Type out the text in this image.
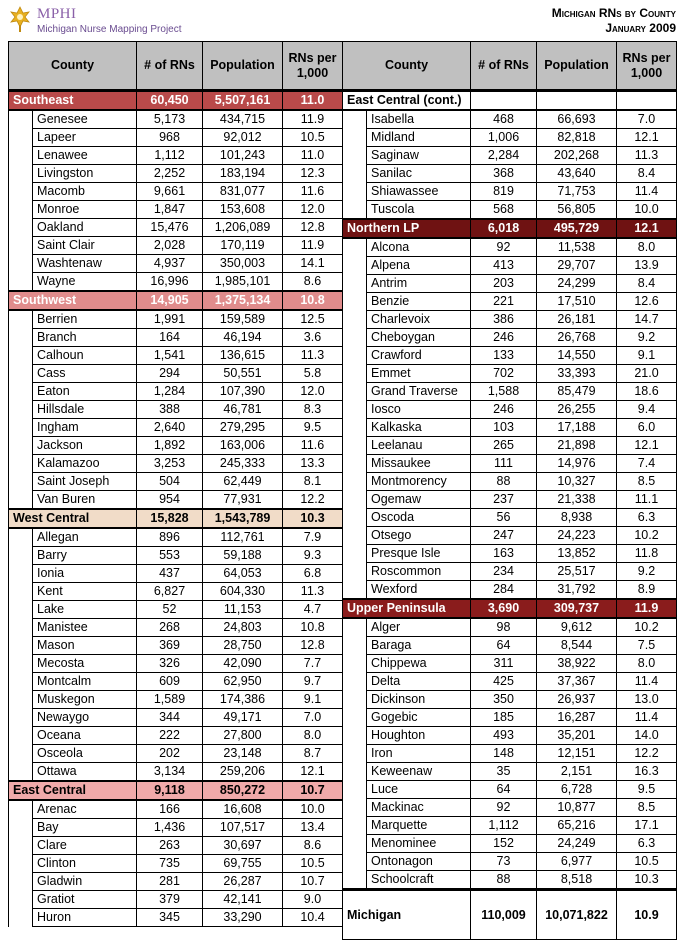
MPHI
Michigan Nurse Mapping Project
Michigan RNs by County
January 2009
County		# of RNs	Population	RNs per 1,000
Southeast		60,450	5,507,161	11.0
	Genesee	5,173	434,715	11.9
	Lapeer	968	92,012	10.5
	Lenawee	1,112	101,243	11.0
	Livingston	2,252	183,194	12.3
	Macomb	9,661	831,077	11.6
	Monroe	1,847	153,608	12.0
	Oakland	15,476	1,206,089	12.8
	Saint Clair	2,028	170,119	11.9
	Washtenaw	4,937	350,003	14.1
	Wayne	16,996	1,985,101	8.6
Southwest		14,905	1,375,134	10.8
	Berrien	1,991	159,589	12.5
	Branch	164	46,194	3.6
	Calhoun	1,541	136,615	11.3
	Cass	294	50,551	5.8
	Eaton	1,284	107,390	12.0
	Hillsdale	388	46,781	8.3
	Ingham	2,640	279,295	9.5
	Jackson	1,892	163,006	11.6
	Kalamazoo	3,253	245,333	13.3
	Saint Joseph	504	62,449	8.1
	Van Buren	954	77,931	12.2
West Central		15,828	1,543,789	10.3
	Allegan	896	112,761	7.9
	Barry	553	59,188	9.3
	Ionia	437	64,053	6.8
	Kent	6,827	604,330	11.3
	Lake	52	11,153	4.7
	Manistee	268	24,803	10.8
	Mason	369	28,750	12.8
	Mecosta	326	42,090	7.7
	Montcalm	609	62,950	9.7
	Muskegon	1,589	174,386	9.1
	Newaygo	344	49,171	7.0
	Oceana	222	27,800	8.0
	Osceola	202	23,148	8.7
	Ottawa	3,134	259,206	12.1
East Central		9,118	850,272	10.7
	Arenac	166	16,608	10.0
	Bay	1,436	107,517	13.4
	Clare	263	30,697	8.6
	Clinton	735	69,755	10.5
	Gladwin	281	26,287	10.7
	Gratiot	379	42,141	9.0
	Huron	345	33,290	10.4
County		# of RNs	Population	RNs per 1,000
East Central (cont.)				
	Isabella	468	66,693	7.0
	Midland	1,006	82,818	12.1
	Saginaw	2,284	202,268	11.3
	Sanilac	368	43,640	8.4
	Shiawassee	819	71,753	11.4
	Tuscola	568	56,805	10.0
Northern LP		6,018	495,729	12.1
	Alcona	92	11,538	8.0
	Alpena	413	29,707	13.9
	Antrim	203	24,299	8.4
	Benzie	221	17,510	12.6
	Charlevoix	386	26,181	14.7
	Cheboygan	246	26,768	9.2
	Crawford	133	14,550	9.1
	Emmet	702	33,393	21.0
	Grand Traverse	1,588	85,479	18.6
	Iosco	246	26,255	9.4
	Kalkaska	103	17,188	6.0
	Leelanau	265	21,898	12.1
	Missaukee	111	14,976	7.4
	Montmorency	88	10,327	8.5
	Ogemaw	237	21,338	11.1
	Oscoda	56	8,938	6.3
	Otsego	247	24,223	10.2
	Presque Isle	163	13,852	11.8
	Roscommon	234	25,517	9.2
	Wexford	284	31,792	8.9
Upper Peninsula		3,690	309,737	11.9
	Alger	98	9,612	10.2
	Baraga	64	8,544	7.5
	Chippewa	311	38,922	8.0
	Delta	425	37,367	11.4
	Dickinson	350	26,937	13.0
	Gogebic	185	16,287	11.4
	Houghton	493	35,201	14.0
	Iron	148	12,151	12.2
	Keweenaw	35	2,151	16.3
	Luce	64	6,728	9.5
	Mackinac	92	10,877	8.5
	Marquette	1,112	65,216	17.1
	Menominee	152	24,249	6.3
	Ontonagon	73	6,977	10.5
	Schoolcraft	88	8,518	10.3
Michigan		110,009	10,071,822	10.9
